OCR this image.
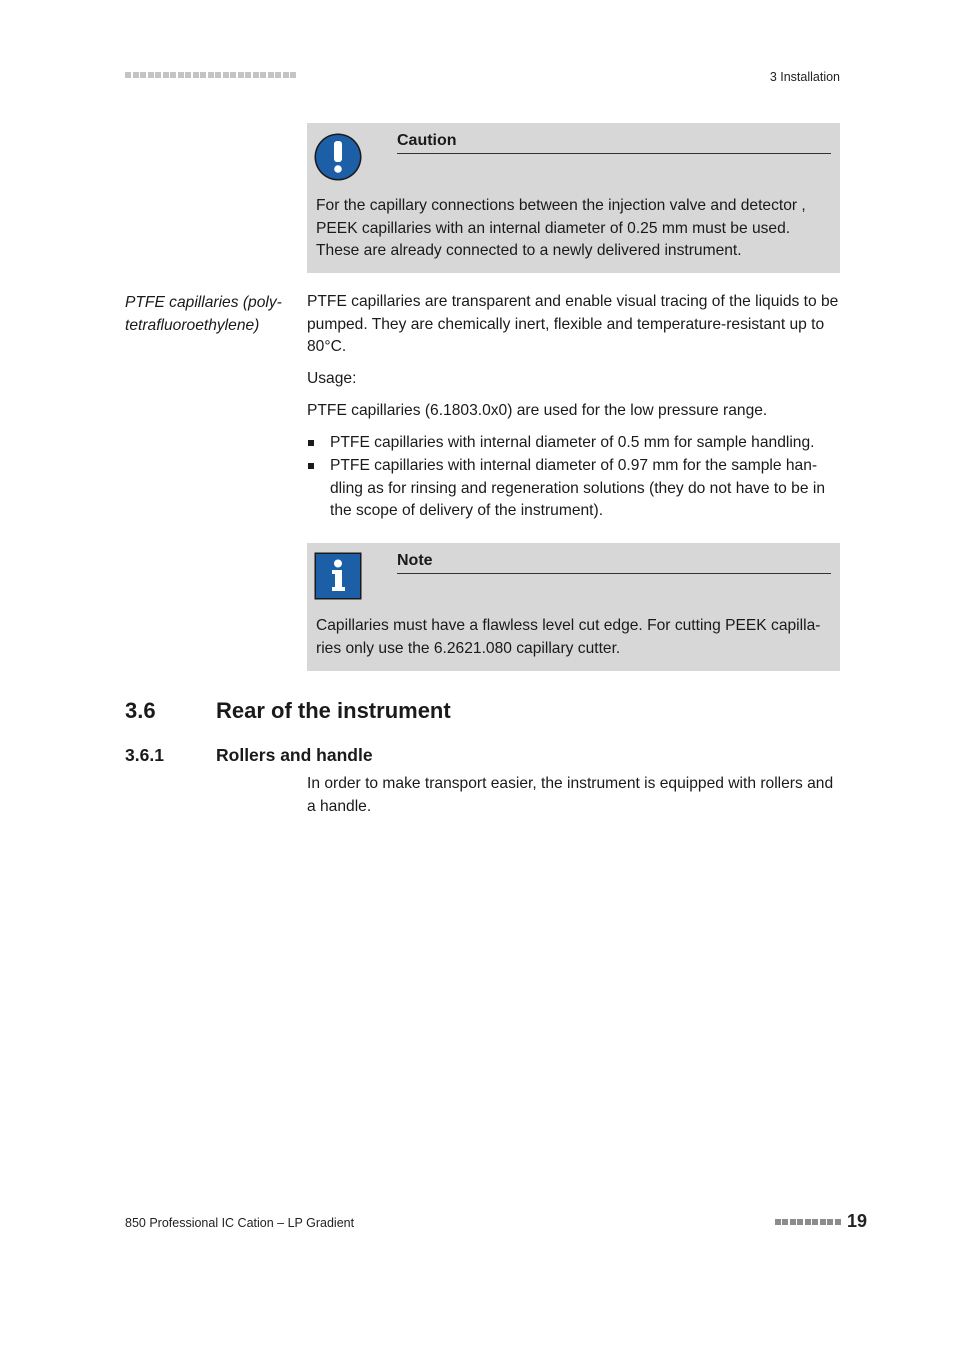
3 Installation
Caution
For the capillary connections between the injection valve and detector , PEEK capillaries with an internal diameter of 0.25 mm must be used. These are already connected to a newly delivered instrument.
PTFE capillaries (poly-tetrafluoroethylene)

PTFE capillaries are transparent and enable visual tracing of the liquids to be pumped. They are chemically inert, flexible and temperature-resistant up to 80°C.

Usage:

PTFE capillaries (6.1803.0x0) are used for the low pressure range.

PTFE capillaries with internal diameter of 0.5 mm for sample handling.
PTFE capillaries with internal diameter of 0.97 mm for the sample han-dling as for rinsing and regeneration solutions (they do not have to be in the scope of delivery of the instrument).
Note
Capillaries must have a flawless level cut edge. For cutting PEEK capilla-ries only use the 6.2621.080 capillary cutter.
3.6	Rear of the instrument
3.6.1	Rollers and handle

In order to make transport easier, the instrument is equipped with rollers and a handle.

850 Professional IC Cation – LP Gradient	19
